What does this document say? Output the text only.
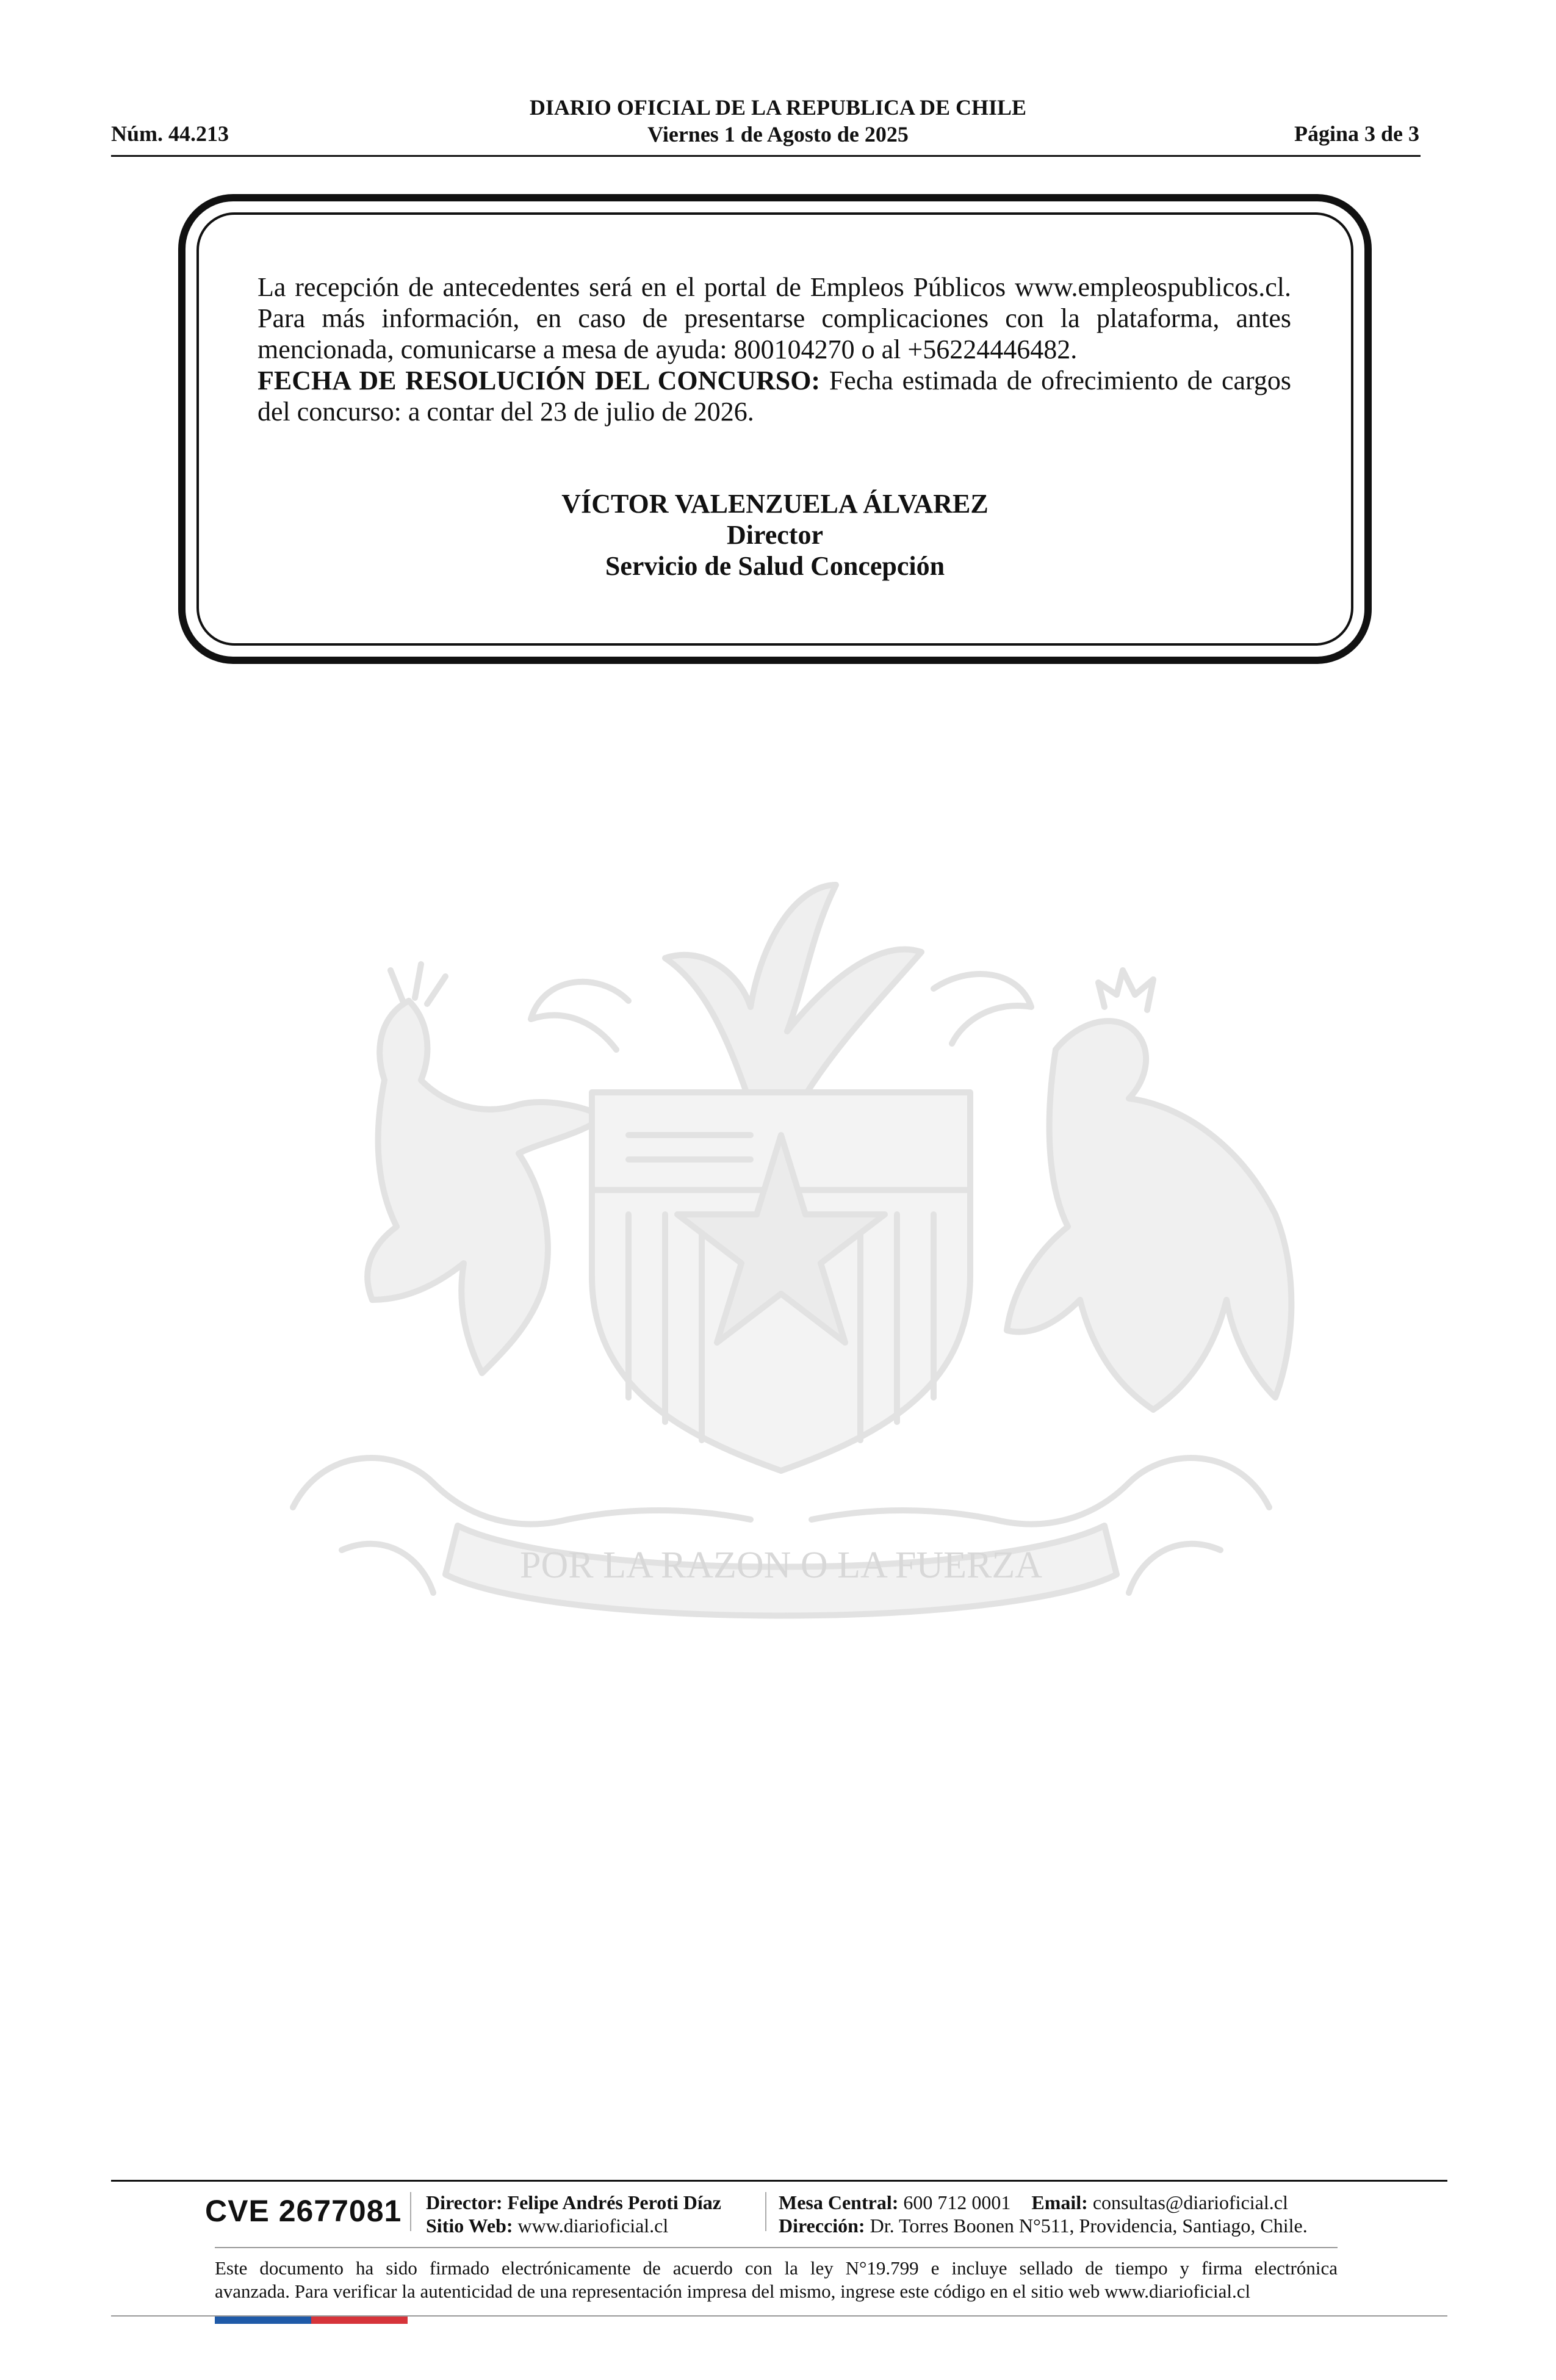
DIARIO OFICIAL DE LA REPUBLICA DE CHILE
Viernes 1 de Agosto de 2025
Núm. 44.213	Página 3 de 3

La recepción de antecedentes será en el portal de Empleos Públicos www.empleospublicos.cl. Para más información, en caso de presentarse complicaciones con la plataforma, antes mencionada, comunicarse a mesa de ayuda: 800104270 o al +56224446482.

FECHA DE RESOLUCIÓN DEL CONCURSO: Fecha estimada de ofrecimiento de cargos del concurso: a contar del 23 de julio de 2026.

VÍCTOR VALENZUELA ÁLVAREZ
Director
Servicio de Salud Concepción
POR LA RAZON O LA FUERZA
CVE 2677081 Director: Felipe Andrés Peroti Díaz
Sitio Web: www.diarioficial.cl
Mesa Central: 600 712 0001 Email: consultas@diarioficial.cl
Dirección: Dr. Torres Boonen N°511, Providencia, Santiago, Chile.
Este documento ha sido firmado electrónicamente de acuerdo con la ley N°19.799 e incluye sellado de tiempo y firma electrónica
avanzada. Para verificar la autenticidad de una representación impresa del mismo, ingrese este código en el sitio web www.diarioficial.cl
